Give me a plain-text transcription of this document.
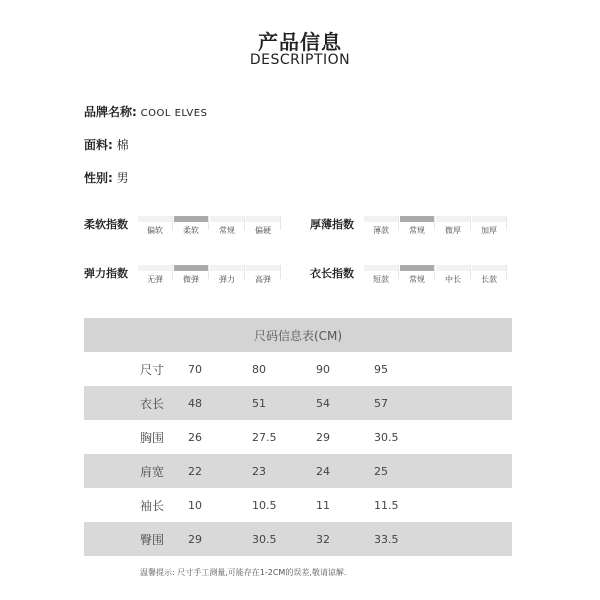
产品信息
DESCRIPTION
品牌名称: COOL ELVES
面料: 棉
性别: 男
柔软指数	偏软	柔软	常规	偏硬	厚薄指数	薄款	常规	微厚	加厚
弹力指数	无弹	微弹	弹力	高弹	衣长指数	短款	常规	中长	长款
尺码信息表(CM)				
尺寸	70	80	90	95
衣长	48	51	54	57
胸围	26	27.5	29	30.5
肩宽	22	23	24	25
袖长	10	10.5	11	11.5
臀围	29	30.5	32	33.5
温馨提示: 尺寸手工测量,可能存在1-2CM的误差,敬请谅解.
